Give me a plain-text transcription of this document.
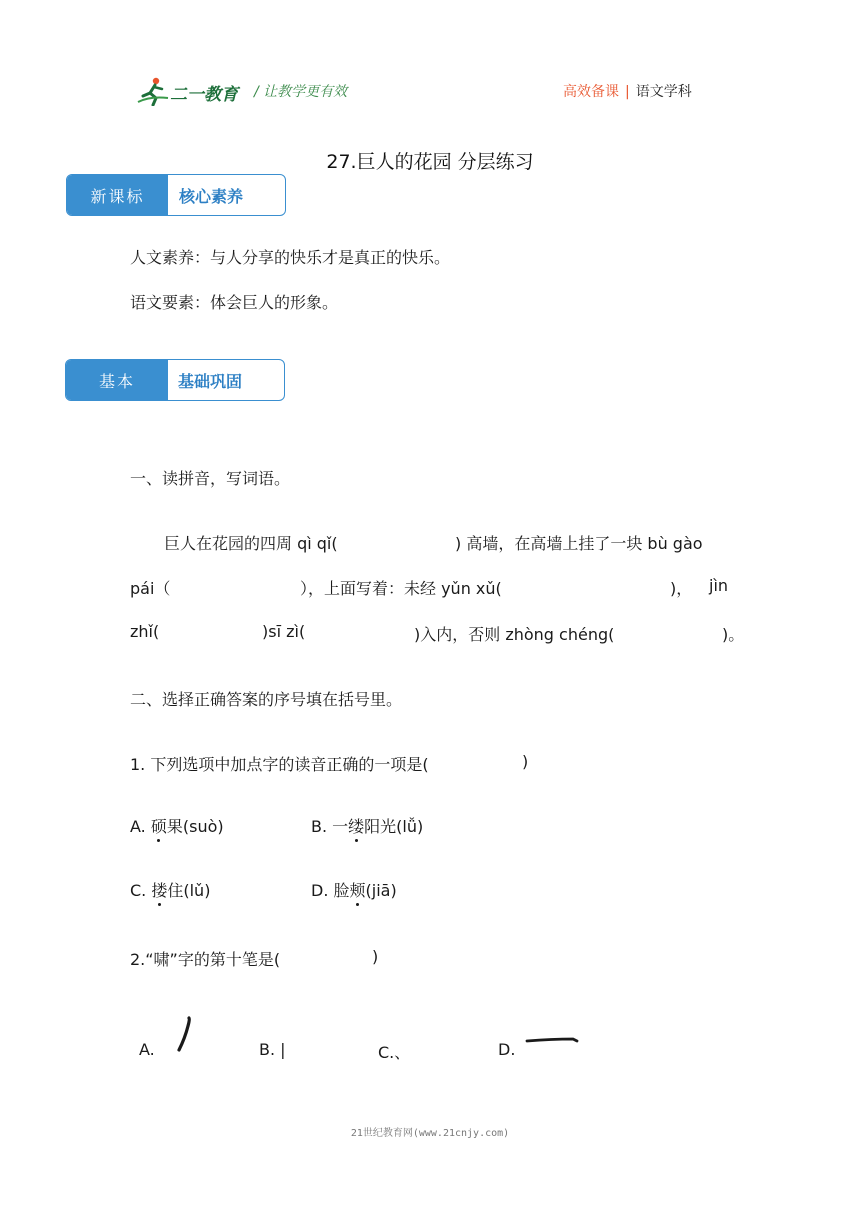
二一教育 / 让教学更有效	高效备课 | 语文学科
27.巨人的花园 分层练习
新课标	核心素养
人文素养：与人分享的快乐才是真正的快乐。
语文要素：体会巨人的形象。
基本	基础巩固
一、读拼音，写词语。
巨人在花园的四周 qì qǐ(	) 高墙，在高墙上挂了一块 bù gào
pái（	），上面写着：未经 yǔn xǔ(	)， jìn
zhǐ(	)sī zì(	)入内，否则 zhòng chéng(	)。
二、选择正确答案的序号填在括号里。
1. 下列选项中加点字的读音正确的一项是(	)
A. 硕果(suò)	B. 一缕阳光(lǚ)
C. 搂住(lǔ)	D. 脸颊(jiā)
2.“啸”字的第十笔是(	)
A.	B. |	C.、	D.
21世纪教育网(www.21cnjy.com)
